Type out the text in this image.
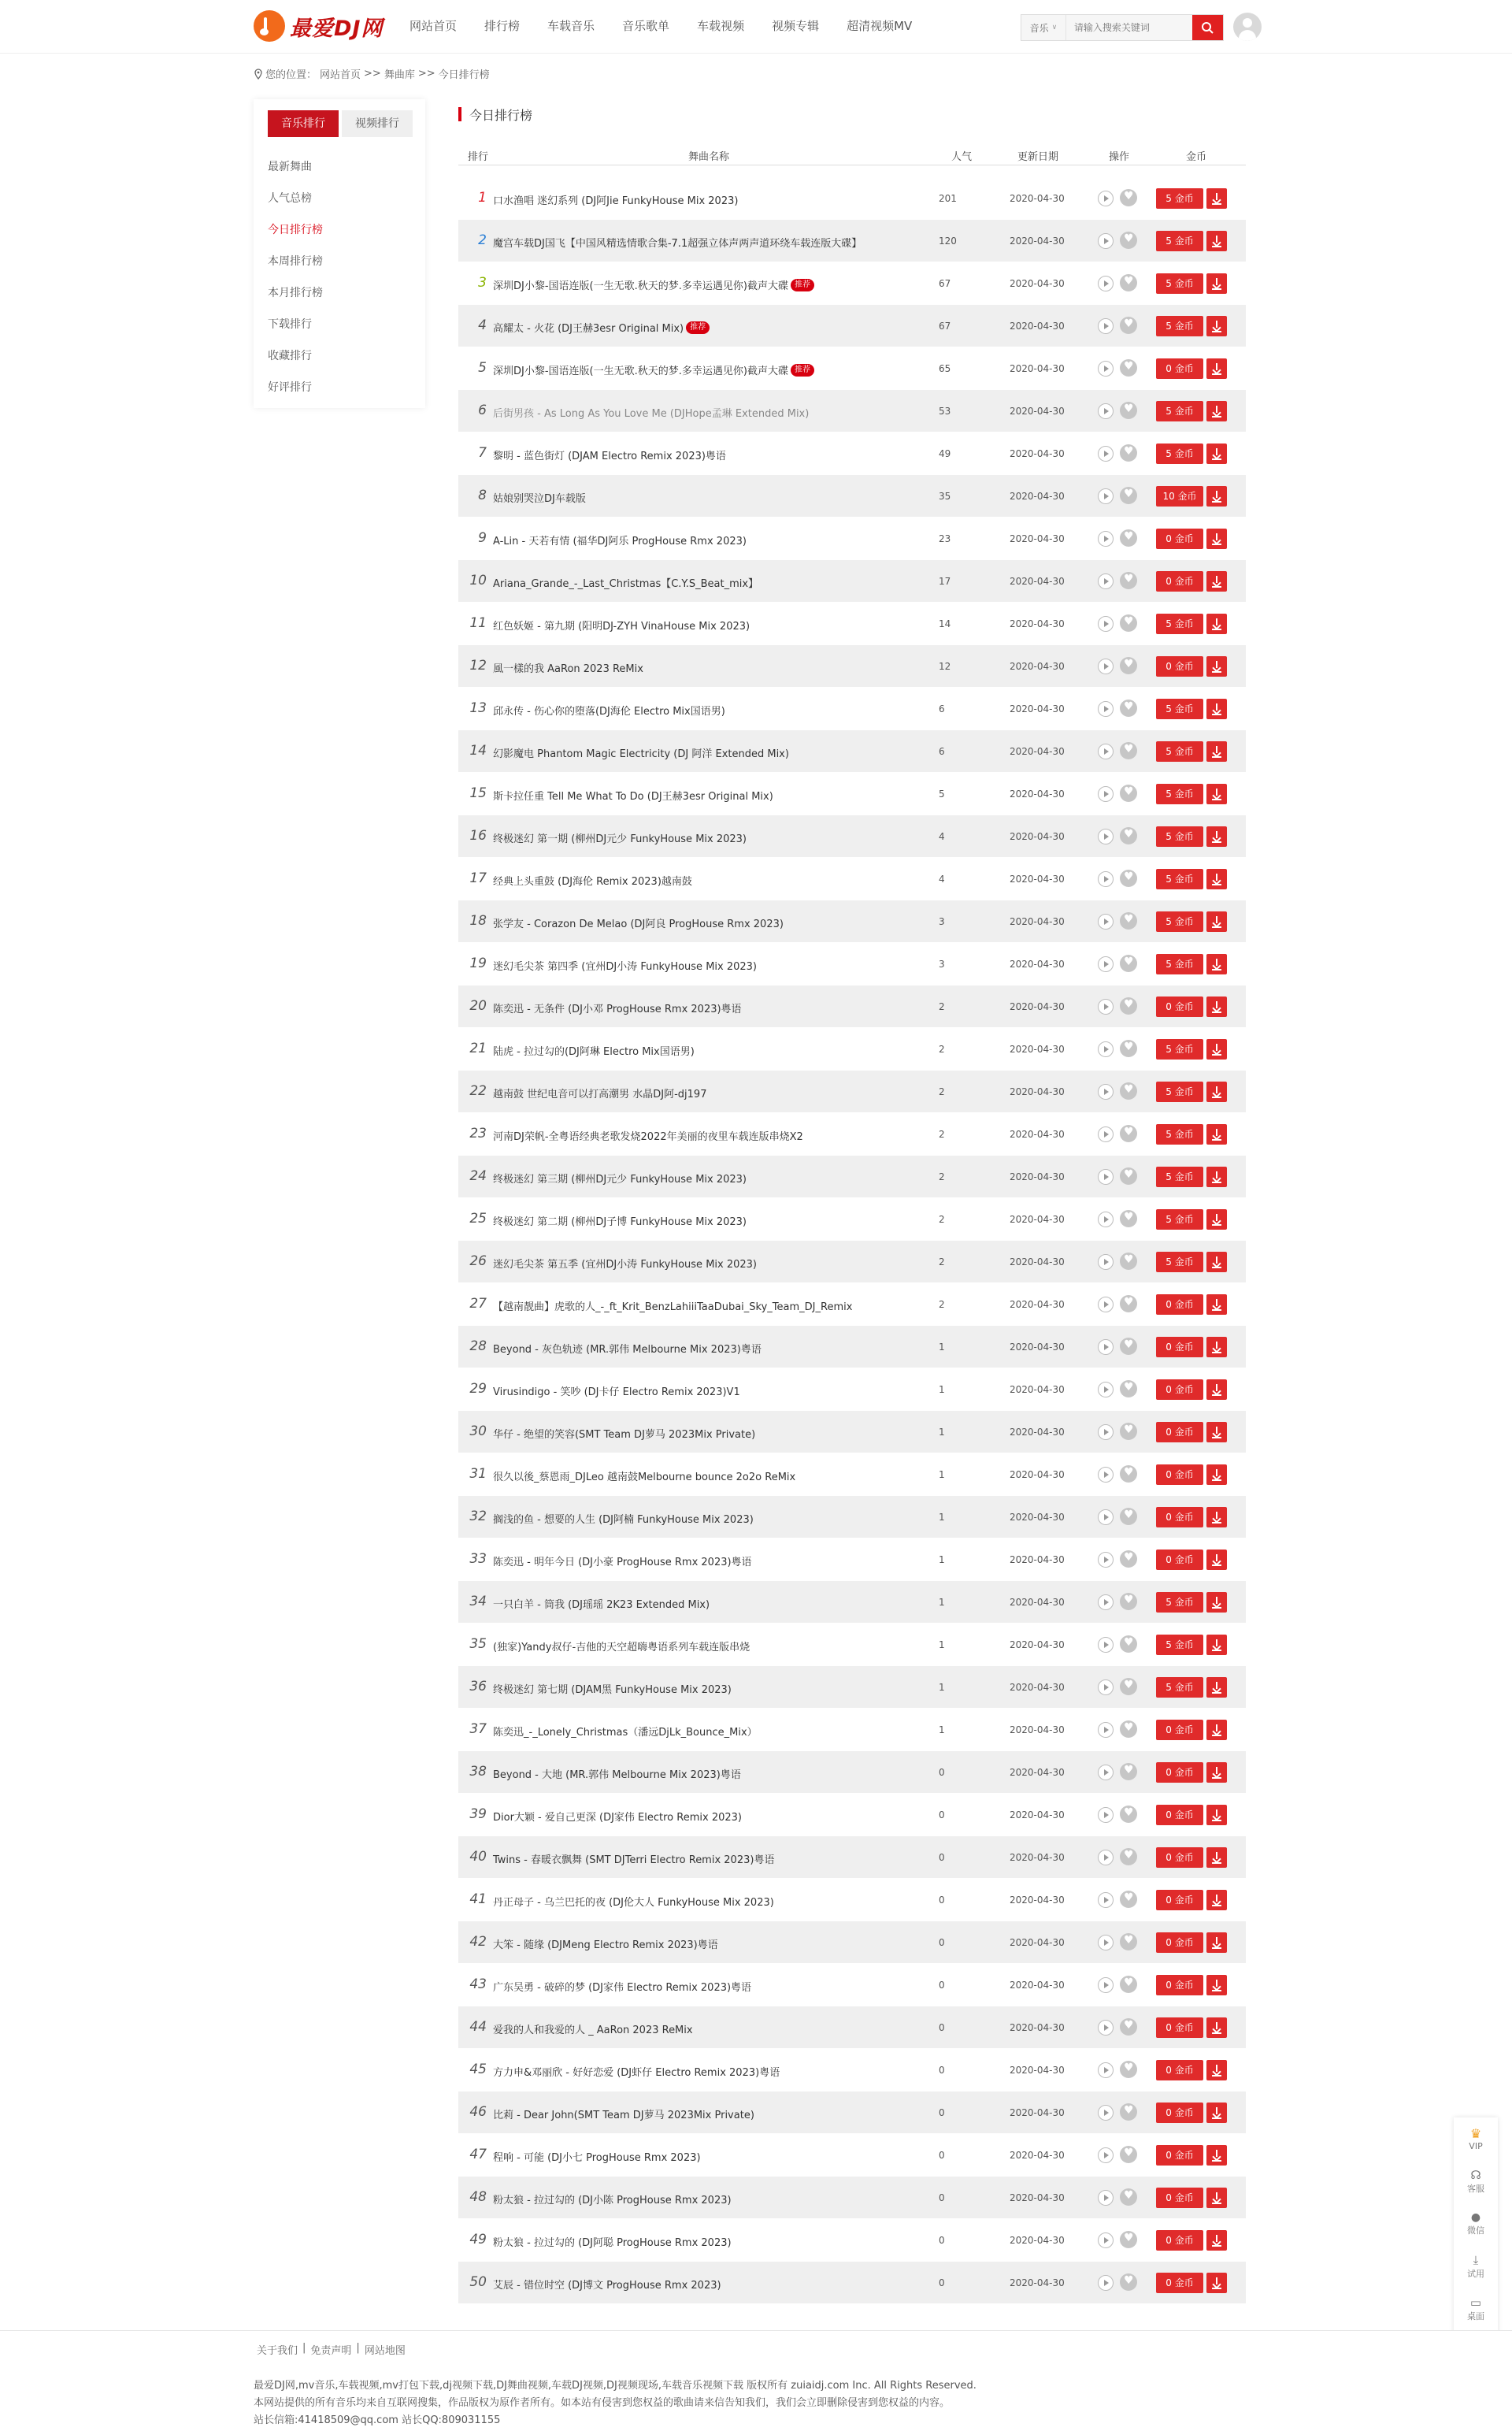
最爱DJ网 网站首页 排行榜 车载音乐 音乐歌单 车载视频 视频专辑 超清视频MV	音乐 ∨
请输入搜索关键词
您的位置： 网站首页 >> 舞曲库 >> 今日排行榜
音乐排行	视频排行
最新舞曲
人气总榜
今日排行榜
本周排行榜
本月排行榜
下载排行
收藏排行
好评排行
今日排行榜
排行	舞曲名称	人气	更新日期	操作	金币
1 口水渔唱 迷幻系列 (DJ阿Jie FunkyHouse Mix 2023)	201	2020-04-30 ♥	5 金币
2 魔宫车载DJ国飞【中国风精选情歌合集-7.1超强立体声两声道环绕车载连版大碟】	120	2020-04-30 ♥	5 金币
3 深圳DJ小黎-国语连版(一生无歌.秋天的梦.多幸运遇见你)截声大碟 推荐	67	2020-04-30 ♥	5 金币
4 高耀太 - 火花 (DJ王赫3esr Original Mix) 推荐	67	2020-04-30 ♥	5 金币
5 深圳DJ小黎-国语连版(一生无歌.秋天的梦.多幸运遇见你)截声大碟 推荐	65	2020-04-30 ♥	0 金币
6 后街男孩 - As Long As You Love Me (DJHope孟琳 Extended Mix)	53	2020-04-30 ♥	5 金币
7 黎明 - 蓝色街灯 (DJAM Electro Remix 2023)粤语	49	2020-04-30 ♥	5 金币
8 姑娘别哭泣DJ车载版	35	2020-04-30 ♥	10 金币
9 A-Lin - 天若有情 (福华DJ阿乐 ProgHouse Rmx 2023)	23	2020-04-30 ♥	0 金币
10 Ariana_Grande_-_Last_Christmas【C.Y.S_Beat_mix】	17	2020-04-30 ♥	0 金币
11 红色妖姬 - 第九期 (阳明DJ-ZYH VinaHouse Mix 2023)	14	2020-04-30 ♥	5 金币
12 風一樣的我 AaRon 2023 ReMix	12	2020-04-30 ♥	0 金币
13 邱永传 - 伤心你的堕落(DJ海伦 Electro Mix国语男)	6	2020-04-30 ♥	5 金币
14 幻影魔电 Phantom Magic Electricity (DJ 阿洋 Extended Mix)	6	2020-04-30 ♥	5 金币
15 斯卡拉任重 Tell Me What To Do (DJ王赫3esr Original Mix)	5	2020-04-30 ♥	5 金币
16 终极迷幻 第一期 (柳州DJ元少 FunkyHouse Mix 2023)	4	2020-04-30 ♥	5 金币
17 经典上头重鼓 (DJ海伦 Remix 2023)越南鼓	4	2020-04-30 ♥	5 金币
18 张学友 - Corazon De Melao (DJ阿良 ProgHouse Rmx 2023)	3	2020-04-30 ♥	5 金币
19 迷幻毛尖茶 第四季 (宜州DJ小涛 FunkyHouse Mix 2023)	3	2020-04-30 ♥	5 金币
20 陈奕迅 - 无条件 (DJ小邓 ProgHouse Rmx 2023)粤语	2	2020-04-30 ♥	0 金币
21 陆虎 - 拉过勾的(DJ阿琳 Electro Mix国语男)	2	2020-04-30 ♥	5 金币
22 越南鼓 世纪电音可以打高潮男 水晶DJ阿-dj197	2	2020-04-30 ♥	5 金币
23 河南DJ荣帆-全粤语经典老歌发烧2022年美丽的夜里车载连版串烧X2	2	2020-04-30 ♥	5 金币
24 终极迷幻 第三期 (柳州DJ元少 FunkyHouse Mix 2023)	2	2020-04-30 ♥	5 金币
25 终极迷幻 第二期 (柳州DJ子博 FunkyHouse Mix 2023)	2	2020-04-30 ♥	5 金币
26 迷幻毛尖茶 第五季 (宜州DJ小涛 FunkyHouse Mix 2023)	2	2020-04-30 ♥	5 金币
27 【越南靓曲】虎歌的人_-_ft_Krit_BenzLahiiiTaaDubai_Sky_Team_DJ_Remix	2	2020-04-30 ♥	0 金币
28 Beyond - 灰色轨迹 (MR.郭伟 Melbourne Mix 2023)粤语	1	2020-04-30 ♥	0 金币
29 Virusindigo - 笑吵 (DJ卡仔 Electro Remix 2023)V1	1	2020-04-30 ♥	0 金币
30 华仔 - 绝望的笑容(SMT Team DJ萝马 2023Mix Private)	1	2020-04-30 ♥	0 金币
31 很久以後_蔡恩雨_DJLeo 越南鼓Melbourne bounce 2o2o ReMix	1	2020-04-30 ♥	0 金币
32 搁浅的鱼 - 想要的人生 (DJ阿楠 FunkyHouse Mix 2023)	1	2020-04-30 ♥	0 金币
33 陈奕迅 - 明年今日 (DJ小豪 ProgHouse Rmx 2023)粤语	1	2020-04-30 ♥	0 金币
34 一只白羊 - 筒我 (DJ瑶瑶 2K23 Extended Mix)	1	2020-04-30 ♥	5 金币
35 (独家)Yandy叔仔-吉他的天空超嗨粤语系列车载连版串烧	1	2020-04-30 ♥	5 金币
36 终极迷幻 第七期 (DJAM黑 FunkyHouse Mix 2023)	1	2020-04-30 ♥	5 金币
37 陈奕迅_-_Lonely_Christmas（潘远DjLk_Bounce_Mix）	1	2020-04-30 ♥	0 金币
38 Beyond - 大地 (MR.郭伟 Melbourne Mix 2023)粤语	0	2020-04-30 ♥	0 金币
39 Dior大颖 - 爱自己更深 (DJ家伟 Electro Remix 2023)	0	2020-04-30 ♥	0 金币
40 Twins - 春暖衣飘舞 (SMT DJTerri Electro Remix 2023)粤语	0	2020-04-30 ♥	0 金币
41 丹正母子 - 乌兰巴托的夜 (DJ伦大人 FunkyHouse Mix 2023)	0	2020-04-30 ♥	0 金币
42 大笨 - 随缘 (DJMeng Electro Remix 2023)粤语	0	2020-04-30 ♥	0 金币
43 广东吴勇 - 破碎的梦 (DJ家伟 Electro Remix 2023)粤语	0	2020-04-30 ♥	0 金币
44 爱我的人和我爱的人 _ AaRon 2023 ReMix	0	2020-04-30 ♥	0 金币
45 方力申&邓丽欣 - 好好恋爱 (DJ虾仔 Electro Remix 2023)粤语	0	2020-04-30 ♥	0 金币
46 比莉 - Dear John(SMT Team DJ萝马 2023Mix Private)	0	2020-04-30 ♥	0 金币
47 程响 - 可能 (DJ小七 ProgHouse Rmx 2023)	0	2020-04-30 ♥	0 金币
48 粉太狼 - 拉过勾的 (DJ小陈 ProgHouse Rmx 2023)	0	2020-04-30 ♥	0 金币
49 粉太狼 - 拉过勾的 (DJ阿聪 ProgHouse Rmx 2023)	0	2020-04-30 ♥	0 金币
50 艾辰 - 错位时空 (DJ博文 ProgHouse Rmx 2023)	0	2020-04-30 ♥	0 金币
♛
VIP
☊
客服
●
微信
⤓
试用
▭
桌面
关于我们 | 免责声明 | 网站地图
最爱DJ网,mv音乐,车载视频,mv打包下载,dj视频下载,DJ舞曲视频,车载DJ视频,DJ视频现场,车载音乐视频下载 版权所有 zuiaidj.com Inc. All Rights Reserved.
本网站提供的所有音乐均来自互联网搜集，作品版权为原作者所有。如本站有侵害到您权益的歌曲请来信告知我们，我们会立即删除侵害到您权益的内容。
站长信箱:41418509@qq.com 站长QQ:809031155
